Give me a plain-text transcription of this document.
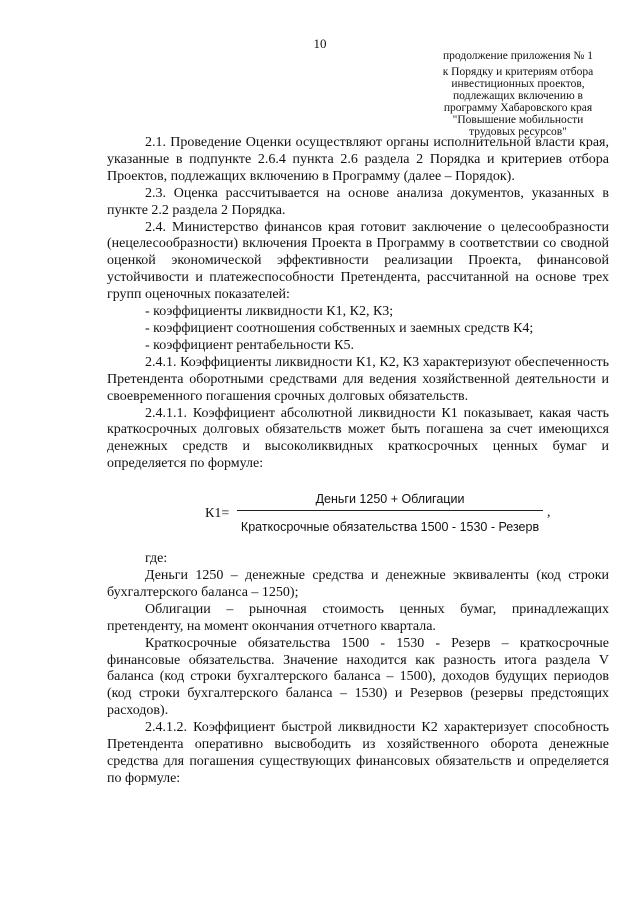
10
продолжение приложения № 1
к Порядку и критериям отбора
инвестиционных проектов,
подлежащих включению в
программу Хабаровского края
"Повышение мобильности
трудовых ресурсов"

2.1. Проведение Оценки осуществляют органы исполнительной власти края, указанные в подпункте 2.6.4 пункта 2.6 раздела 2 Порядка и критериев отбора Проектов, подлежащих включению в Программу (далее – Порядок).

2.3. Оценка рассчитывается на основе анализа документов, указанных в пункте 2.2 раздела 2 Порядка.

2.4. Министерство финансов края готовит заключение о целесообразности (нецелесообразности) включения Проекта в Программу в соответствии со сводной оценкой экономической эффективности реализации Проекта, финансовой устойчивости и платежеспособности Претендента, рассчитанной на основе трех групп оценочных показателей:

- коэффициенты ликвидности К1, К2, К3;

- коэффициент соотношения собственных и заемных средств К4;

- коэффициент рентабельности К5.

2.4.1. Коэффициенты ликвидности К1, К2, К3 характеризуют обеспеченность Претендента оборотными средствами для ведения хозяйственной деятельности и своевременного погашения срочных долговых обязательств.

2.4.1.1. Коэффициент абсолютной ликвидности К1 показывает, какая часть краткосрочных долговых обязательств может быть погашена за счет имеющихся денежных средств и высоколиквидных краткосрочных ценных бумаг и определяется по формуле:

К1=
Деньги 1250 + Облигации
Краткосрочные обязательства 1500 - 1530 - Резерв
,

где:

Деньги 1250 – денежные средства и денежные эквиваленты (код строки бухгалтерского баланса – 1250);

Облигации – рыночная стоимость ценных бумаг, принадлежащих претенденту, на момент окончания отчетного квартала.

Краткосрочные обязательства 1500 - 1530 - Резерв – краткосрочные финансовые обязательства. Значение находится как разность итога раздела V баланса (код строки бухгалтерского баланса – 1500), доходов будущих периодов (код строки бухгалтерского баланса – 1530) и Резервов (резервы предстоящих расходов).

2.4.1.2. Коэффициент быстрой ликвидности К2 характеризует способность Претендента оперативно высвободить из хозяйственного оборота денежные средства для погашения существующих финансовых обязательств и определяется по формуле:
